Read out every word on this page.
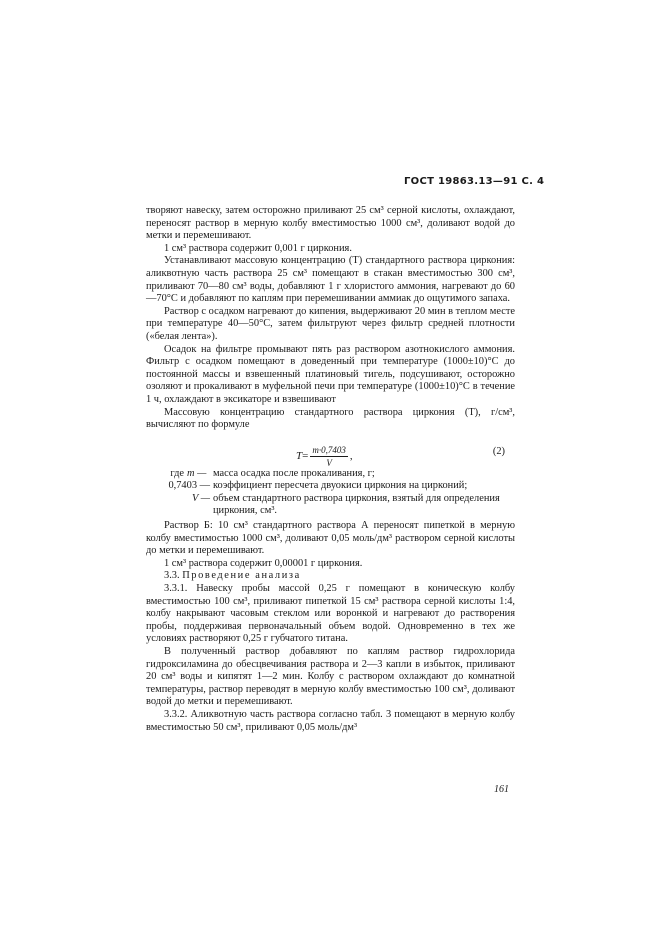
ГОСТ 19863.13—91 С. 4

творяют навеску, затем осторожно приливают 25 см³ серной кислоты, охлаждают, переносят раствор в мерную колбу вместимостью 1000 см³, доливают водой до метки и перемешивают.

1 см³ раствора содержит 0,001 г циркония.

Устанавливают массовую концентрацию (Т) стандартного раствора циркония: аликвотную часть раствора 25 см³ помещают в стакан вместимостью 300 см³, приливают 70—80 см³ воды, добавляют 1 г хлористого аммония, нагревают до 60—70°С и добавляют по каплям при перемешивании аммиак до ощутимого запаха.

Раствор с осадком нагревают до кипения, выдерживают 20 мин в теплом месте при температуре 40—50°С, затем фильтруют через фильтр средней плотности («белая лента»).

Осадок на фильтре промывают пять раз раствором азотнокислого аммония. Фильтр с осадком помещают в доведенный при температуре (1000±10)°С до постоянной массы и взвешенный платиновый тигель, подсушивают, осторожно озоляют и прокаливают в муфельной печи при температуре (1000±10)°С в течение 1 ч, охлаждают в эксикаторе и взвешивают

Массовую концентрацию стандартного раствора циркония (Т), г/см³, вычисляют по формуле

$T = \frac{m\cdot 0,7403}{V}$ ,	(2)
где m — масса осадка после прокаливания, г;
0,7403 — коэффициент пересчета двуокиси циркония на цирконий;
V — объем стандартного раствора циркония, взятый для определения циркония, см³.

Раствор Б: 10 см³ стандартного раствора А переносят пипеткой в мерную колбу вместимостью 1000 см³, доливают 0,05 моль/дм³ раствором серной кислоты до метки и перемешивают.

1 см³ раствора содержит 0,00001 г циркония.

3.3. Проведение анализа

3.3.1. Навеску пробы массой 0,25 г помещают в коническую колбу вместимостью 100 см³, приливают пипеткой 15 см³ раствора серной кислоты 1:4, колбу накрывают часовым стеклом или воронкой и нагревают до растворения пробы, поддерживая первоначальный объем водой. Одновременно в тех же условиях растворяют 0,25 г губчатого титана.

В полученный раствор добавляют по каплям раствор гидрохлорида гидроксиламина до обесцвечивания раствора и 2—3 капли в избыток, приливают 20 см³ воды и кипятят 1—2 мин. Колбу с раствором охлаждают до комнатной температуры, раствор переводят в мерную колбу вместимостью 100 см³, доливают водой до метки и перемешивают.

3.3.2. Аликвотную часть раствора согласно табл. 3 помещают в мерную колбу вместимостью 50 см³, приливают 0,05 моль/дм³

161
